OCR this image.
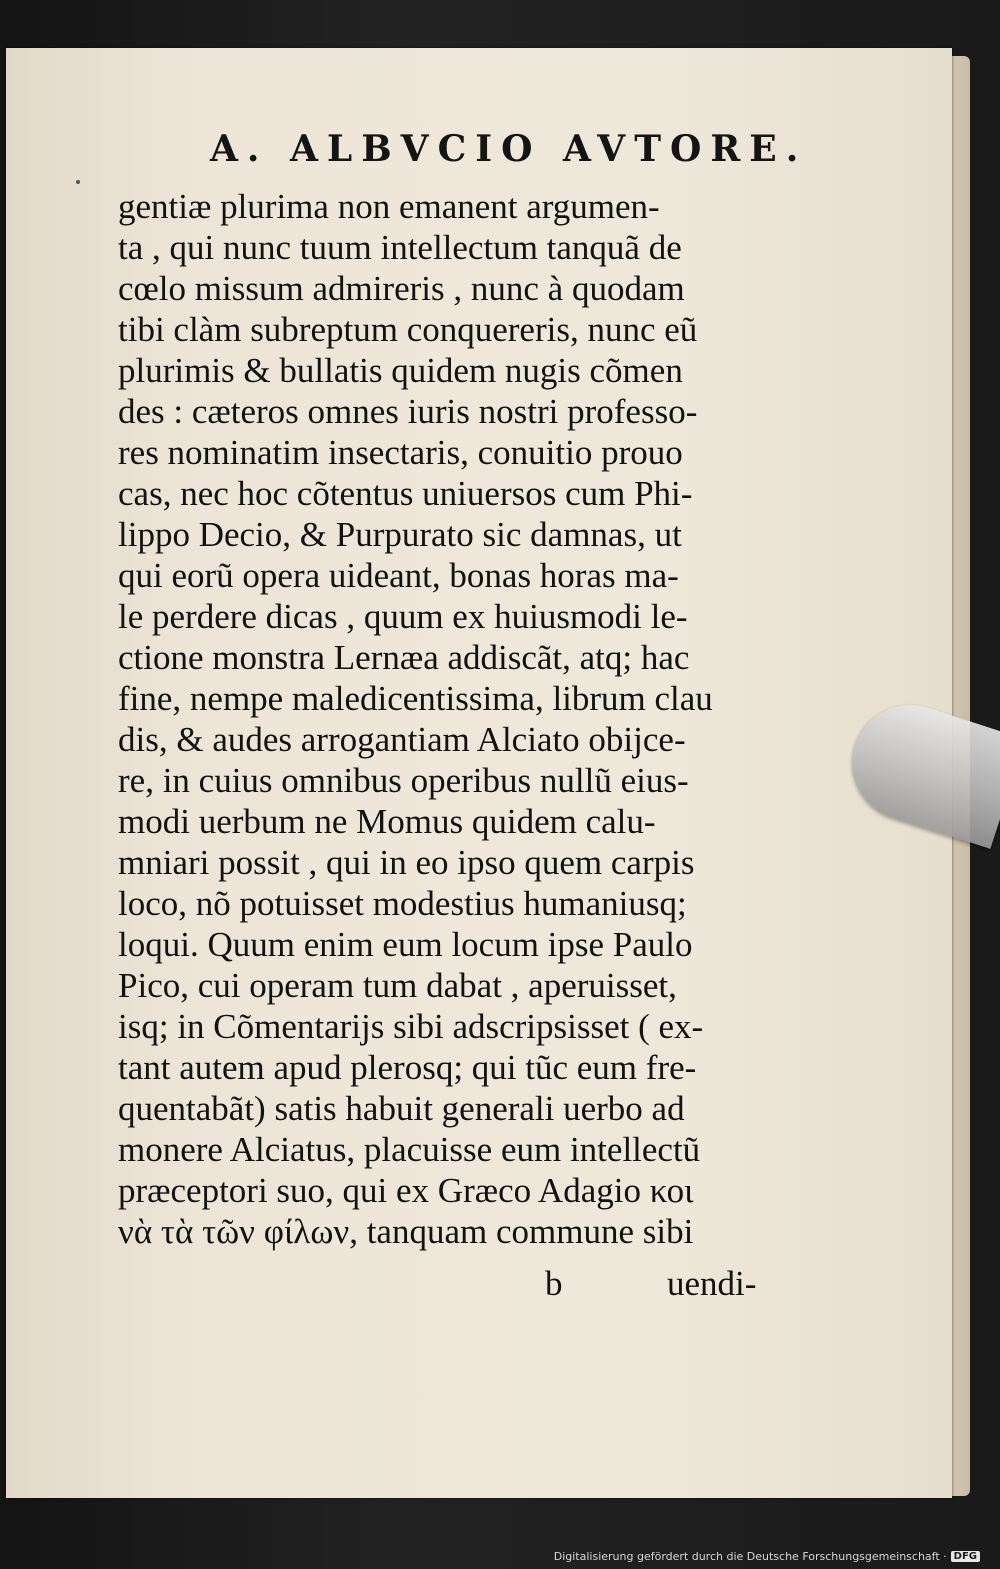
A. ALBVCIO AVTORE.
gentiæ plurima non emanent argumen-
ta , qui nunc tuum intellectum tanquã de
cœlo missum admireris , nunc à quodam
tibi clàm subreptum conquereris, nunc eũ
plurimis & bullatis quidem nugis cõmen
des : cæteros omnes iuris nostri professo-
res nominatim insectaris, conuitio prouo
cas, nec hoc cõtentus uniuersos cum Phi-
lippo Decio, & Purpurato sic damnas, ut
qui eorũ opera uideant, bonas horas ma-
le perdere dicas , quum ex huiusmodi le-
ctione monstra Lernæa addiscãt, atq; hac
fine, nempe maledicentissima, librum clau
dis, & audes arrogantiam Alciato obijce-
re, in cuius omnibus operibus nullũ eius-
modi uerbum ne Momus quidem calu-
mniari possit , qui in eo ipso quem carpis
loco, nõ potuisset modestius humaniusq;
loqui. Quum enim eum locum ipse Paulo
Pico, cui operam tum dabat , aperuisset,
isq; in Cõmentarijs sibi adscripsisset ( ex-
tant autem apud plerosq; qui tũc eum fre-
quentabãt) satis habuit generali uerbo ad
monere Alciatus, placuisse eum intellectũ
præceptori suo, qui ex Græco Adagio κοι
νὰ τὰ τῶν φίλων, tanquam commune sibi
b	uendi-
Digitalisierung gefördert durch die Deutsche Forschungsgemeinschaft · DFG
